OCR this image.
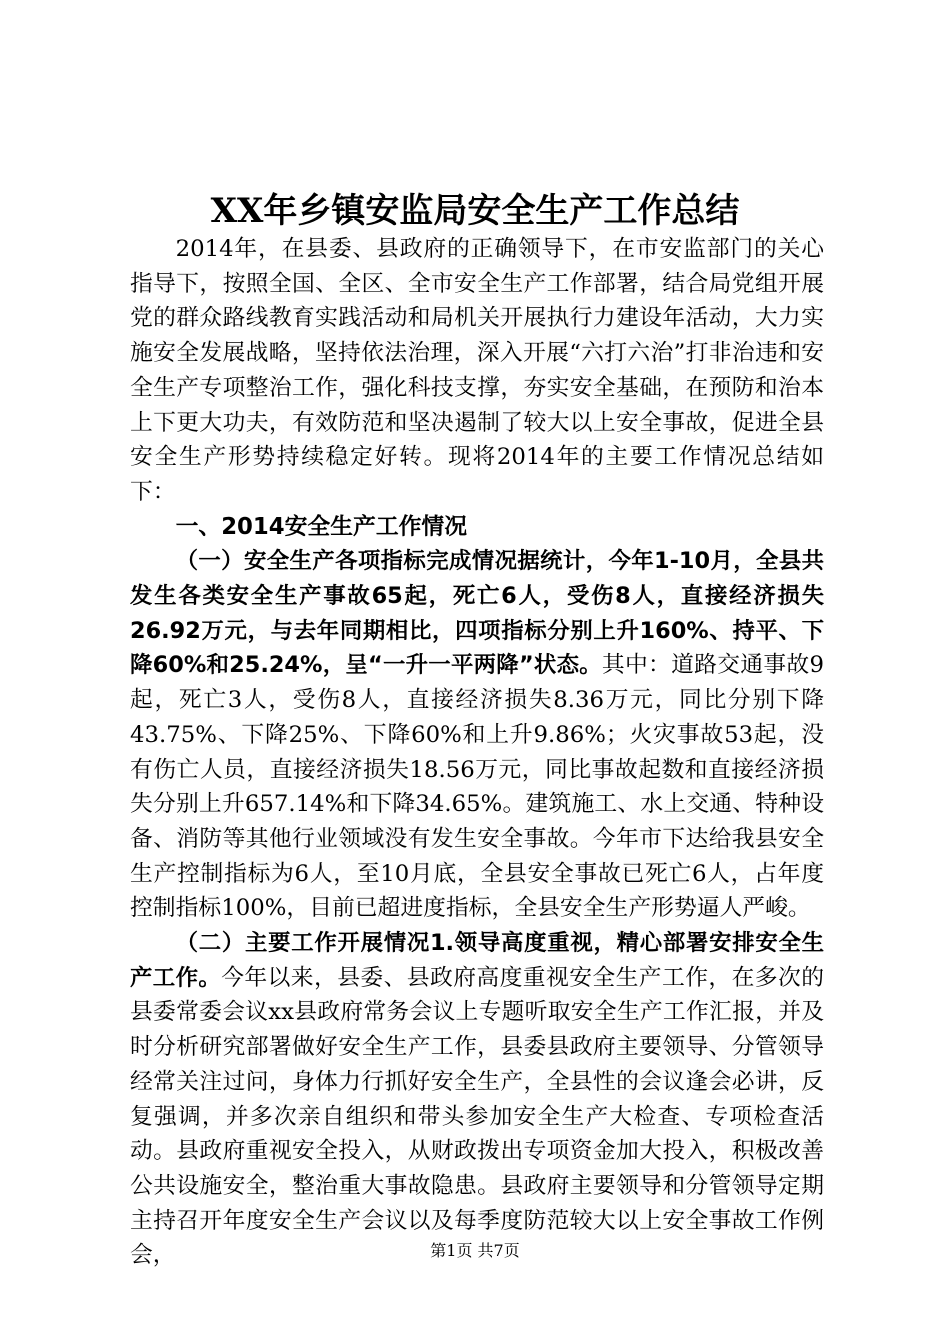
XX年乡镇安监局安全生产工作总结

2014年，在县委、县政府的正确领导下，在市安监部门的关心指导下，按照全国、全区、全市安全生产工作部署，结合局党组开展党的群众路线教育实践活动和局机关开展执行力建设年活动，大力实施安全发展战略，坚持依法治理，深入开展“六打六治”打非治违和安全生产专项整治工作，强化科技支撑，夯实安全基础，在预防和治本上下更大功夫，有效防范和坚决遏制了较大以上安全事故，促进全县安全生产形势持续稳定好转。现将2014年的主要工作情况总结如下：

一、2014安全生产工作情况

（一）安全生产各项指标完成情况据统计，今年1-10月，全县共发生各类安全生产事故65起，死亡6人，受伤8人，直接经济损失26.92万元，与去年同期相比，四项指标分别上升160%、持平、下降60%和25.24%，呈“一升一平两降”状态。其中：道路交通事故9起，死亡3人，受伤8人，直接经济损失8.36万元，同比分别下降43.75%、下降25%、下降60%和上升9.86%；火灾事故53起，没有伤亡人员，直接经济损失18.56万元，同比事故起数和直接经济损失分别上升657.14%和下降34.65%。建筑施工、水上交通、特种设备、消防等其他行业领域没有发生安全事故。今年市下达给我县安全生产控制指标为6人，至10月底，全县安全事故已死亡6人，占年度控制指标100%，目前已超进度指标，全县安全生产形势逼人严峻。

（二）主要工作开展情况1.领导高度重视，精心部署安排安全生产工作。今年以来，县委、县政府高度重视安全生产工作，在多次的县委常委会议xx县政府常务会议上专题听取安全生产工作汇报，并及时分析研究部署做好安全生产工作，县委县政府主要领导、分管领导经常关注过问，身体力行抓好安全生产，全县性的会议逢会必讲，反复强调，并多次亲自组织和带头参加安全生产大检查、专项检查活动。县政府重视安全投入，从财政拨出专项资金加大投入，积极改善公共设施安全，整治重大事故隐患。县政府主要领导和分管领导定期主持召开年度安全生产会议以及每季度防范较大以上安全事故工作例会，	第1页 共7页
